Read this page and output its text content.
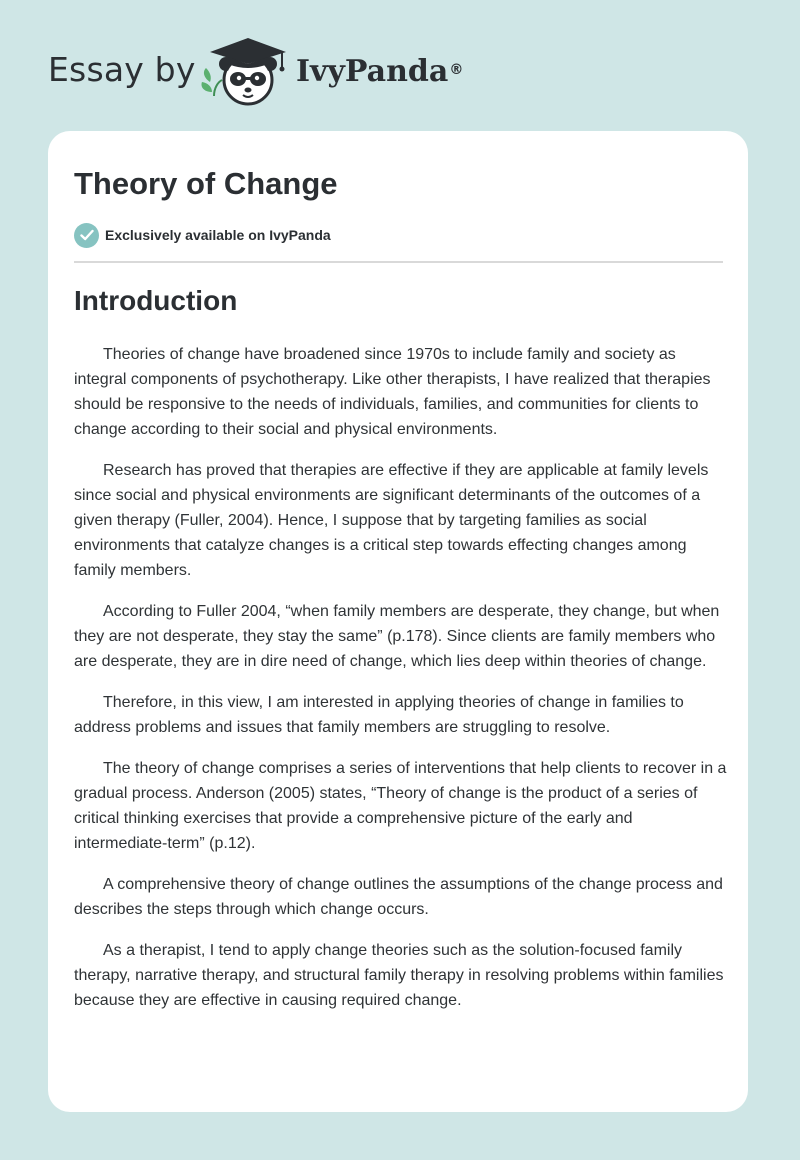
Essay by	IvyPanda®
Theory of Change
Exclusively available on IvyPanda
Introduction

Theories of change have broadened since 1970s to include family and society as integral components of psychotherapy. Like other therapists, I have realized that therapies should be responsive to the needs of individuals, families, and communities for clients to change according to their social and physical environments.

Research has proved that therapies are effective if they are applicable at family levels since social and physical environments are significant determinants of the outcomes of a given therapy (Fuller, 2004). Hence, I suppose that by targeting families as social environments that catalyze changes is a critical step towards effecting changes among family members.

According to Fuller 2004, “when family members are desperate, they change, but when they are not desperate, they stay the same” (p.178). Since clients are family members who are desperate, they are in dire need of change, which lies deep within theories of change.

Therefore, in this view, I am interested in applying theories of change in families to address problems and issues that family members are struggling to resolve.

The theory of change comprises a series of interventions that help clients to recover in a gradual process. Anderson (2005) states, “Theory of change is the product of a series of critical thinking exercises that provide a comprehensive picture of the early and intermediate-term” (p.12).

A comprehensive theory of change outlines the assumptions of the change process and describes the steps through which change occurs.

As a therapist, I tend to apply change theories such as the solution-focused family therapy, narrative therapy, and structural family therapy in resolving problems within families because they are effective in causing required change.
